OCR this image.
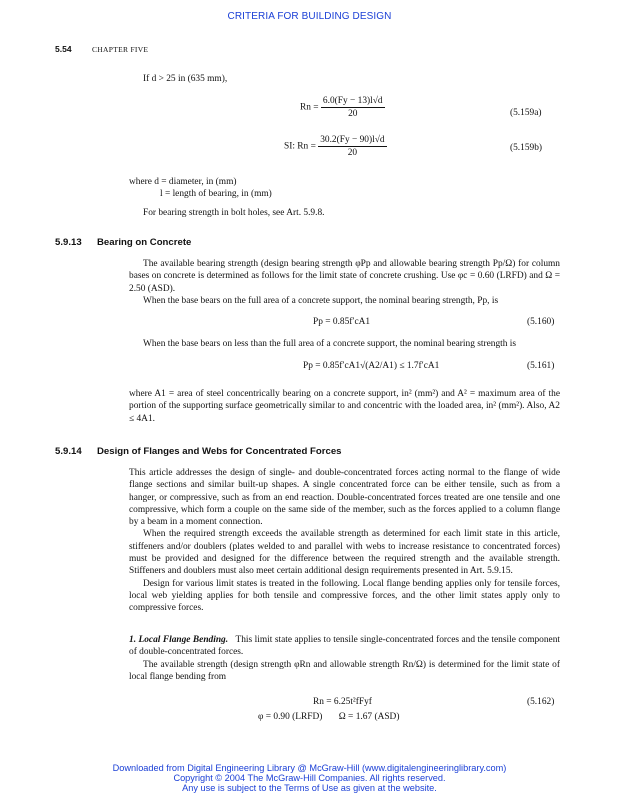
CRITERIA FOR BUILDING DESIGN
5.54	CHAPTER FIVE
If d > 25 in (635 mm),
$Rn = \frac{6.0(Fy - 13)l√d}{20}$	(5.159a)
SI: $Rn = \frac{30.2(Fy - 90)l√d}{20}$	(5.159b)
where d = diameter, in (mm)
l = length of bearing, in (mm)
For bearing strength in bolt holes, see Art. 5.9.8.
5.9.13 Bearing on Concrete

The available bearing strength (design bearing strength φPp and allowable bearing strength Pp/Ω) for column bases on concrete is determined as follows for the limit state of concrete crushing. Use φc = 0.60 (LRFD) and Ω = 2.50 (ASD).

When the base bears on the full area of a concrete support, the nominal bearing strength, Pp, is

Pp = 0.85f′cA1	(5.160)
When the base bears on less than the full area of a concrete support, the nominal bearing strength is
Pp = 0.85f′cA1√(A2/A1) ≤ 1.7f′cA1	(5.161)
where A1 = area of steel concentrically bearing on a concrete support, in² (mm²) and A² = maximum area of the portion of the supporting surface geometrically similar to and concentric with the loaded area, in² (mm²). Also, A2 ≤ 4A1.
5.9.14 Design of Flanges and Webs for Concentrated Forces

This article addresses the design of single- and double-concentrated forces acting normal to the flange of wide flange sections and similar built-up shapes. A single concentrated force can be either tensile, such as from a hanger, or compressive, such as from an end reaction. Double-concentrated forces treated are one tensile and one compressive, which form a couple on the same side of the member, such as the forces applied to a column flange by a beam in a moment connection.

When the required strength exceeds the available strength as determined for each limit state in this article, stiffeners and/or doublers (plates welded to and parallel with webs to increase resistance to concentrated forces) must be provided and designed for the difference between the required strength and the available strength. Stiffeners and doublers must also meet certain additional design requirements presented in Art. 5.9.15.

Design for various limit states is treated in the following. Local flange bending applies only for tensile forces, local web yielding applies for both tensile and compressive forces, and the other limit states apply only to compressive forces.

1. Local Flange Bending. This limit state applies to tensile single-concentrated forces and the tensile component of double-concentrated forces.

The available strength (design strength φRn and allowable strength Rn/Ω) is determined for the limit state of local flange bending from

Rn = 6.25t²fFyf	(5.162)
φ = 0.90 (LRFD)       Ω = 1.67 (ASD)
Downloaded from Digital Engineering Library @ McGraw-Hill (www.digitalengineeringlibrary.com)
Copyright © 2004 The McGraw-Hill Companies. All rights reserved.
Any use is subject to the Terms of Use as given at the website.
